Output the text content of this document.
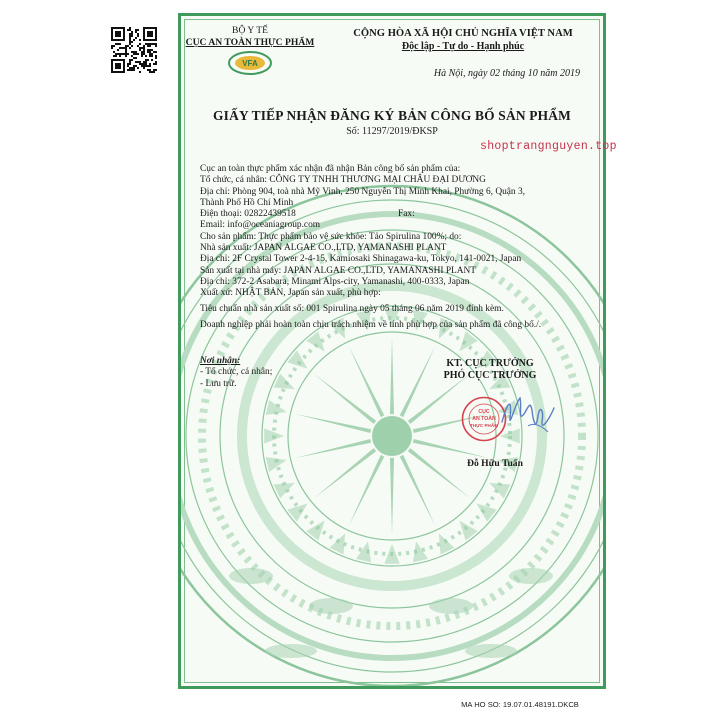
BỘ Y TẾ
CỤC AN TOÀN THỰC PHẨM
VFA
CỘNG HÒA XÃ HỘI CHỦ NGHĨA VIỆT NAM
Độc lập - Tự do - Hạnh phúc
Hà Nội, ngày 02 tháng 10 năm 2019
GIẤY TIẾP NHẬN ĐĂNG KÝ BẢN CÔNG BỐ SẢN PHẨM
Số: 11297/2019/ĐKSP
shoptrangnguyen.top
Cục an toàn thực phẩm xác nhận đã nhận Bản công bố sản phẩm của:
Tổ chức, cá nhân: CÔNG TY TNHH THƯƠNG MẠI CHÂU ĐẠI DƯƠNG
Địa chỉ: Phòng 904, toà nhà Mỹ Vinh, 250 Nguyễn Thị Minh Khai, Phường 6, Quận 3,
Thành Phố Hồ Chí Minh
Điện thoại: 02822439518	Fax:
Email: info@oceaniagroup.com
Cho sản phẩm: Thực phẩm bảo vệ sức khỏe: Tảo Spirulina 100%; do:
Nhà sản xuất: JAPAN ALGAE CO.,LTD, YAMANASHI PLANT
Địa chỉ: 2F Crystal Tower 2-4-15, Kamiosaki Shinagawa-ku, Tokyo, 141-0021, Japan
Sản xuất tại nhà máy: JAPAN ALGAE CO.,LTD, YAMANASHI PLANT
Địa chỉ: 372-2 Asabara, Minami Alps-city, Yamanashi, 400-0333, Japan
Xuất xứ: NHẬT BẢN, Japan sản xuất, phù hợp:
Tiêu chuẩn nhà sản xuất số: 001 Spirulina ngày 05 tháng 06 năm 2019 đính kèm.
Doanh nghiệp phải hoàn toàn chịu trách nhiệm về tính phù hợp của sản phẩm đã công bố./.
Nơi nhận:
- Tổ chức, cá nhân;
- Lưu trữ.
KT. CỤC TRƯỞNG
PHÓ CỤC TRƯỞNG
CỤC
AN TOÀN
THỰC PHẨM
Đỗ Hữu Tuấn
MA HO SO: 19.07.01.48191.DKCB
